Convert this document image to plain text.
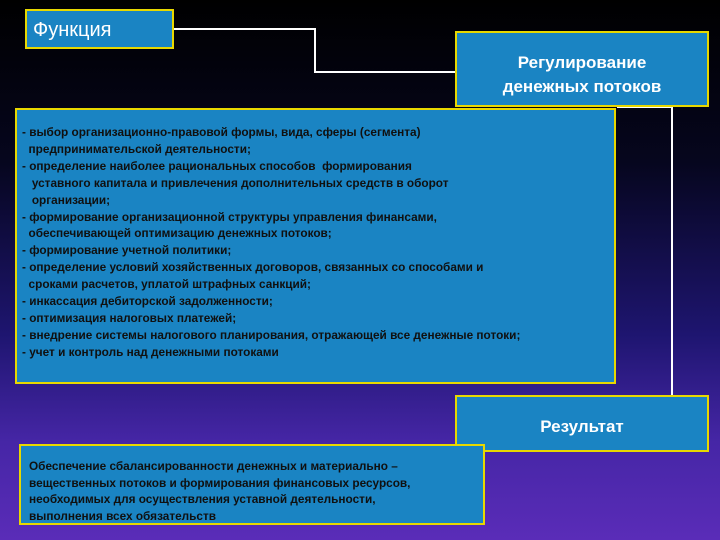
Функция
Регулирование
денежных потоков
- выбор организационно-правовой формы, вида, сферы (сегмента)
предпринимательской деятельности;
- определение наиболее рациональных способов  формирования
уставного капитала и привлечения дополнительных средств в оборот
организации;
- формирование организационной структуры управления финансами,
обеспечивающей оптимизацию денежных потоков;
- формирование учетной политики;
- определение условий хозяйственных договоров, связанных со способами и
сроками расчетов, уплатой штрафных санкций;
- инкассация дебиторской задолженности;
- оптимизация налоговых платежей;
- внедрение системы налогового планирования, отражающей все денежные потоки;
- учет и контроль над денежными потоками
Результат
Обеспечение сбалансированности денежных и материально –
вещественных потоков и формирования финансовых ресурсов,
необходимых для осуществления уставной деятельности,
выполнения всех обязательств
